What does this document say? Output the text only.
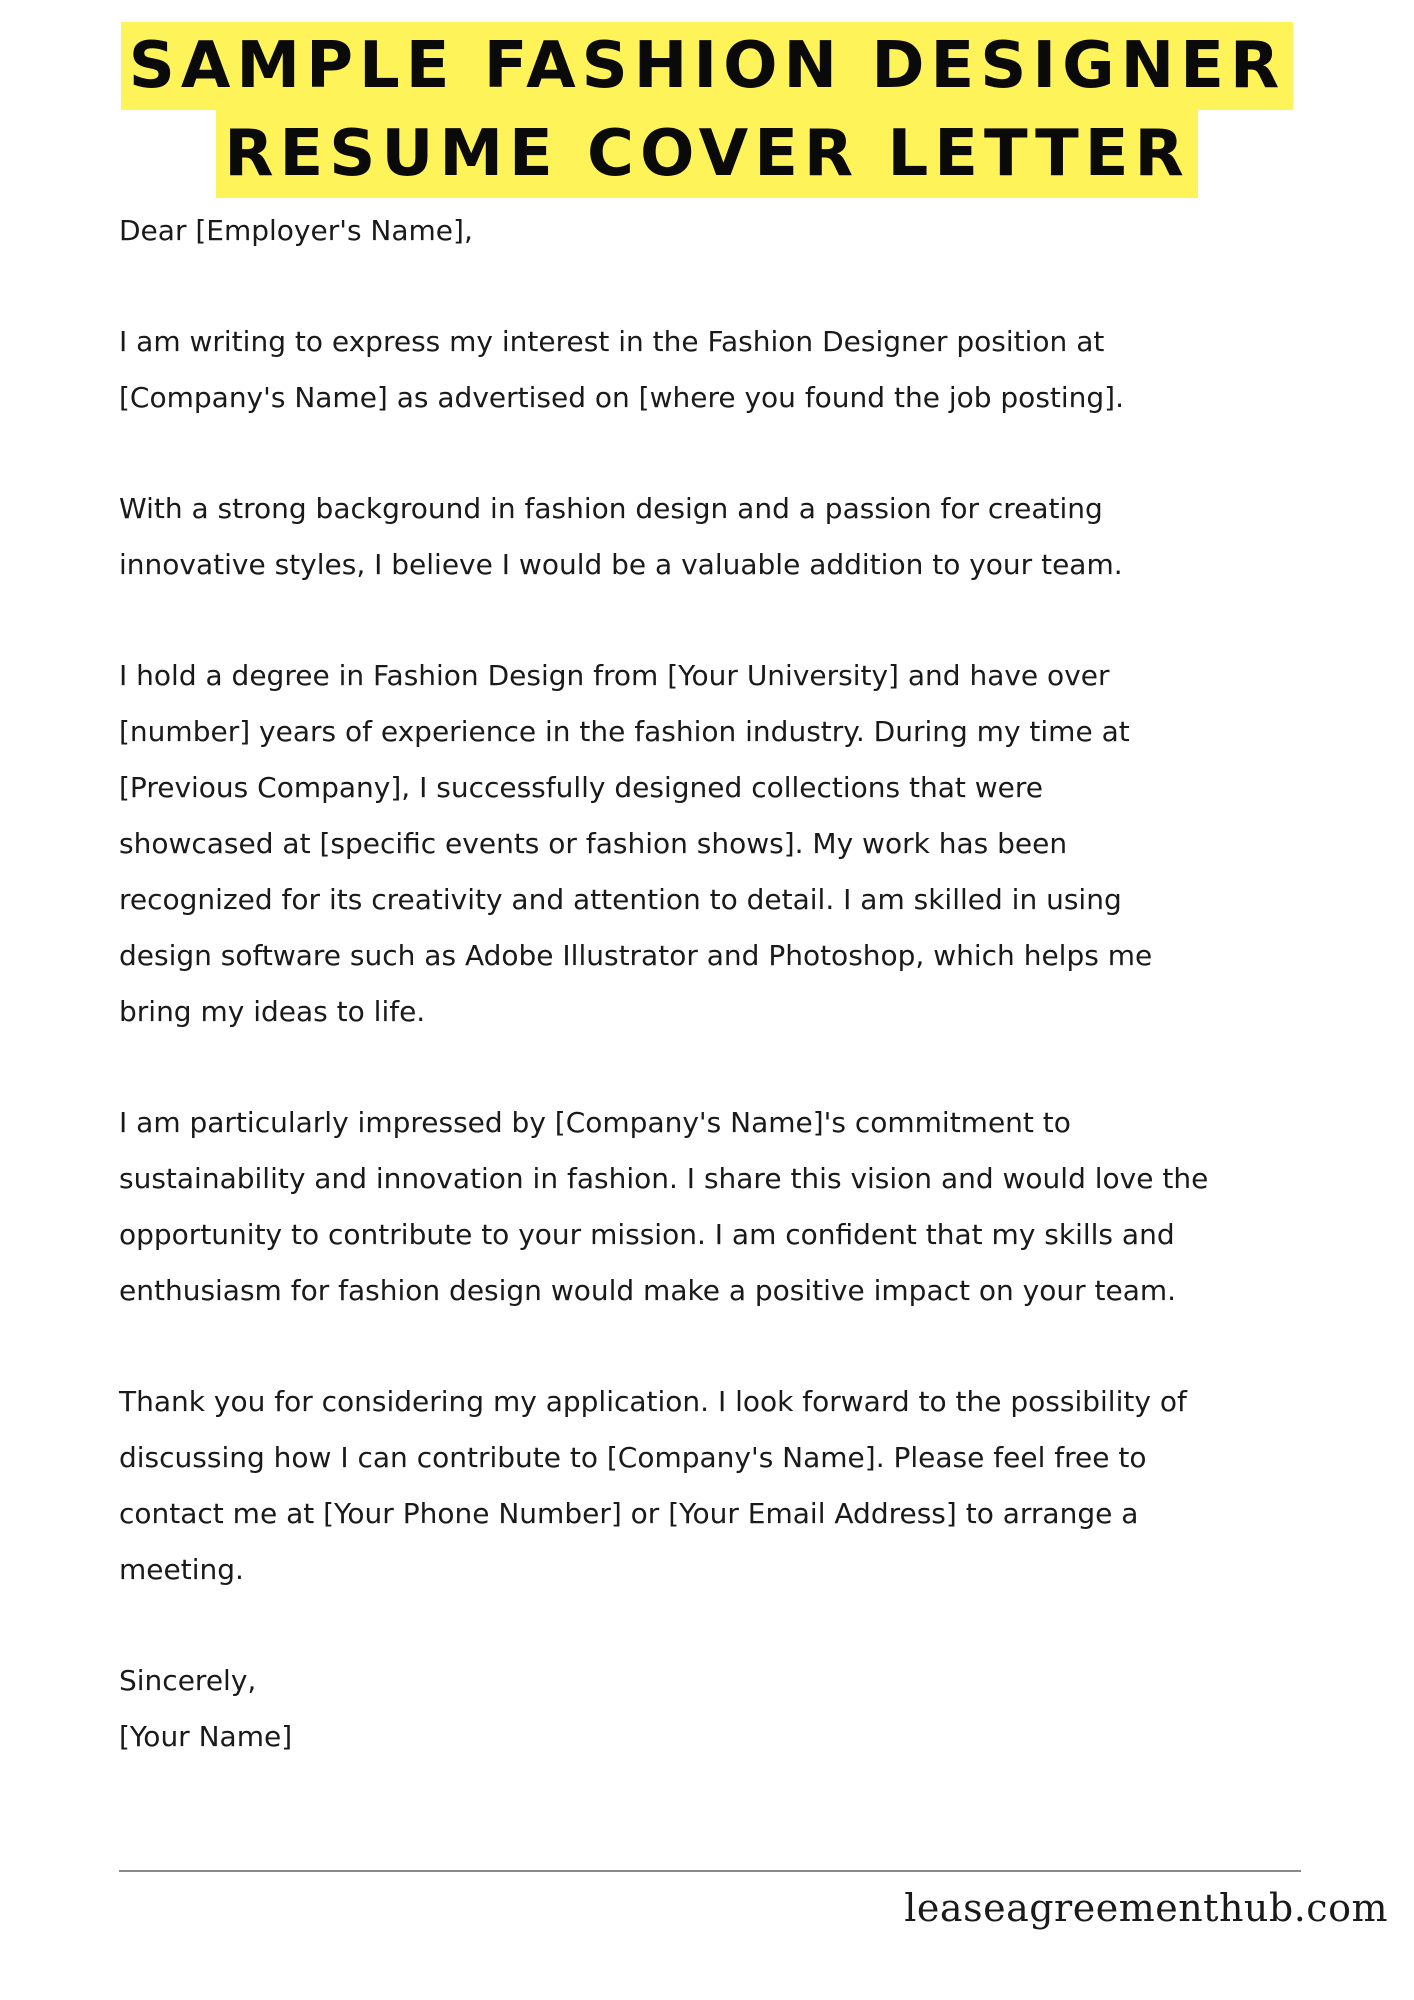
SAMPLE FASHION DESIGNER
RESUME COVER LETTER

Dear [Employer's Name],

I am writing to express my interest in the Fashion Designer position at
[Company's Name] as advertised on [where you found the job posting].

With a strong background in fashion design and a passion for creating
innovative styles, I believe I would be a valuable addition to your team.

I hold a degree in Fashion Design from [Your University] and have over
[number] years of experience in the fashion industry. During my time at
[Previous Company], I successfully designed collections that were
showcased at [specific events or fashion shows]. My work has been
recognized for its creativity and attention to detail. I am skilled in using
design software such as Adobe Illustrator and Photoshop, which helps me
bring my ideas to life.

I am particularly impressed by [Company's Name]'s commitment to
sustainability and innovation in fashion. I share this vision and would love the
opportunity to contribute to your mission. I am confident that my skills and
enthusiasm for fashion design would make a positive impact on your team.

Thank you for considering my application. I look forward to the possibility of
discussing how I can contribute to [Company's Name]. Please feel free to
contact me at [Your Phone Number] or [Your Email Address] to arrange a
meeting.

Sincerely,

[Your Name]

leaseagreementhub.com
